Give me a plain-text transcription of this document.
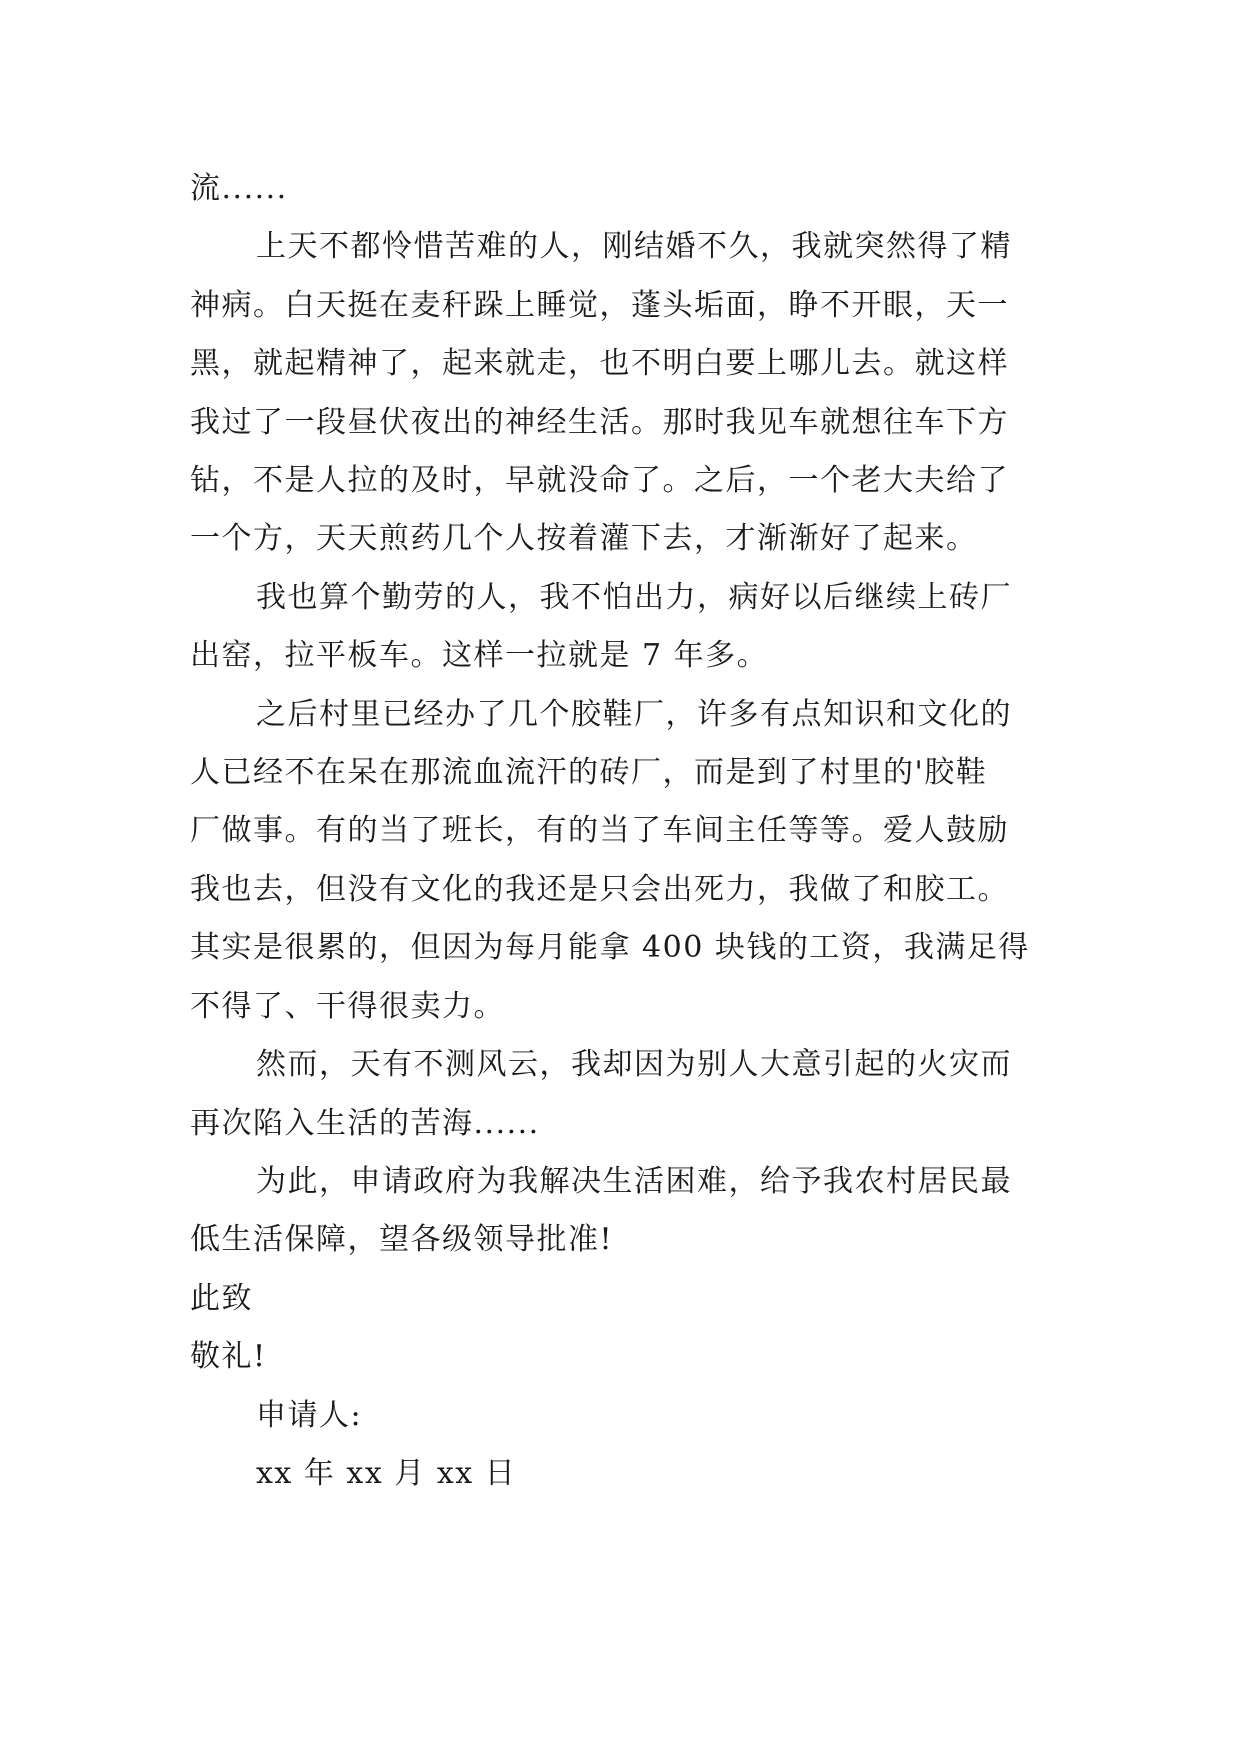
流......
上天不都怜惜苦难的人，刚结婚不久，我就突然得了精
神病。白天挺在麦秆跺上睡觉，蓬头垢面，睁不开眼，天一
黑，就起精神了，起来就走，也不明白要上哪儿去。就这样
我过了一段昼伏夜出的神经生活。那时我见车就想往车下方
钻，不是人拉的及时，早就没命了。之后，一个老大夫给了
一个方，天天煎药几个人按着灌下去，才渐渐好了起来。
我也算个勤劳的人，我不怕出力，病好以后继续上砖厂
出窑，拉平板车。这样一拉就是 7 年多。
之后村里已经办了几个胶鞋厂，许多有点知识和文化的
人已经不在呆在那流血流汗的砖厂，而是到了村里的'胶鞋
厂做事。有的当了班长，有的当了车间主任等等。爱人鼓励
我也去，但没有文化的我还是只会出死力，我做了和胶工。
其实是很累的，但因为每月能拿 400 块钱的工资，我满足得
不得了、干得很卖力。
然而，天有不测风云，我却因为别人大意引起的火灾而
再次陷入生活的苦海......
为此，申请政府为我解决生活困难，给予我农村居民最
低生活保障，望各级领导批准!
此致
敬礼!
申请人:
xx 年 xx 月 xx 日
